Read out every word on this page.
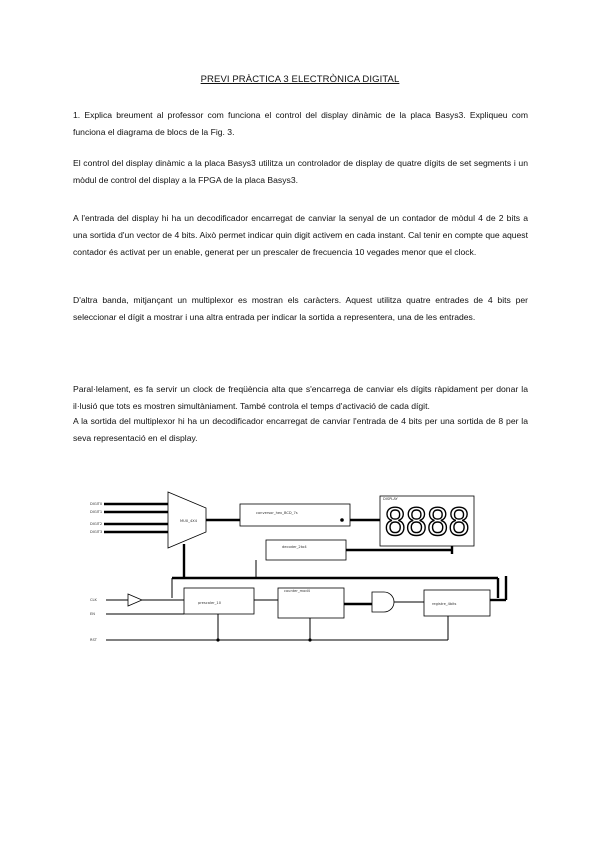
PREVI PRÀCTICA 3 ELECTRÒNICA DIGITAL

1. Explica breument al professor com funciona el control del display dinàmic de la placa Basys3. Expliqueu com funciona el diagrama de blocs de la Fig. 3.

El control del display dinàmic a la placa Basys3 utilitza un controlador de display de quatre dígits de set segments i un mòdul de control del display a la FPGA de la placa Basys3.

A l'entrada del display hi ha un decodificador encarregat de canviar la senyal de un contador de mòdul 4 de 2 bits a una sortida d'un vector de 4 bits. Això permet indicar quin digit activem en cada instant. Cal tenir en compte que aquest contador és activat per un enable, generat per un prescaler de frecuencia 10 vegades menor que el clock.

D'altra banda, mitjançant un multiplexor es mostran els caràcters. Aquest utilitza quatre entrades de 4 bits per seleccionar el dígit a mostrar i una altra entrada per indicar la sortida a representera, una de les entrades.

Paral·lelament, es fa servir un clock de freqüència alta que s'encarrega de canviar els dígits ràpidament per donar la il·lusió que tots es mostren simultàniament. També controla el temps d'activació de cada dígit.

A la sortida del multiplexor hi ha un decodificador encarregat de canviar l'entrada de 4 bits per una sortida de 8 per la seva representació en el display.

DIGIT0
DIGIT1
DIGIT2
DIGIT3
MUX_4X4
conversor_hex_BCD_7s
DISPLAY
8888
decoder_2to4
CLK
prescaler_10
counter_mod4
registre_4bits
EN
RST
